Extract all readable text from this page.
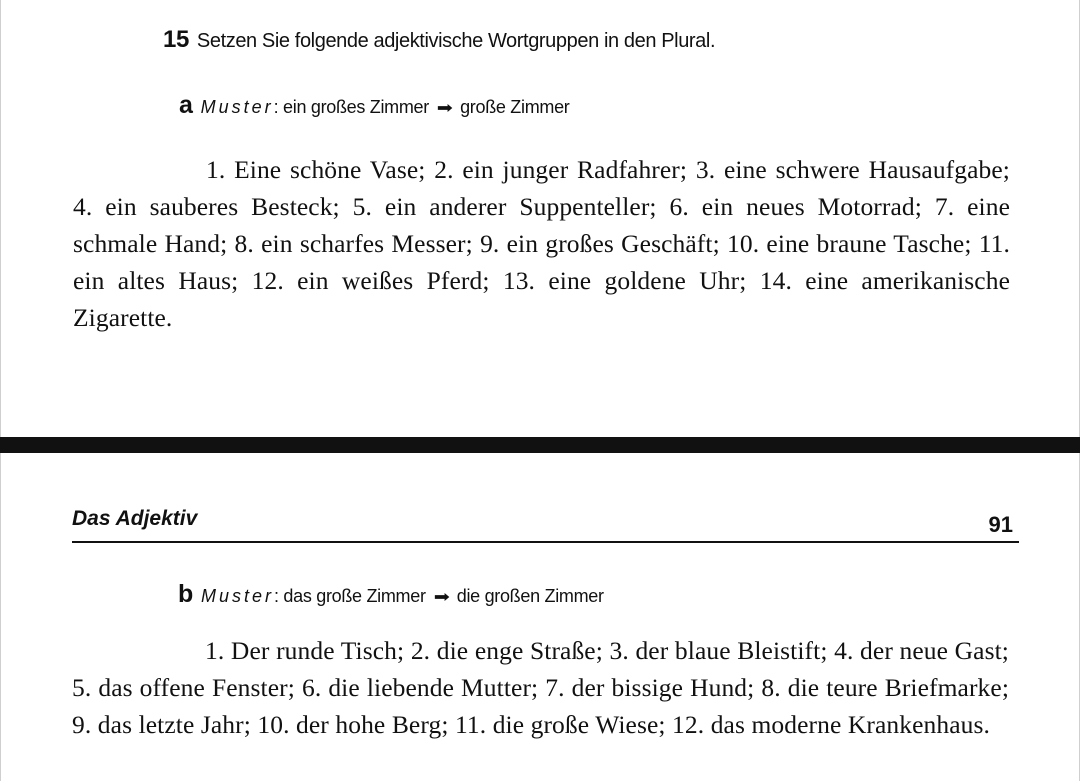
15 Setzen Sie folgende adjektivische Wortgruppen in den Plural.
a Muster: ein großes Zimmer ➡ große Zimmer

1. Eine schöne Vase; 2. ein junger Radfahrer; 3. eine schwere Hausaufgabe; 4. ein sauberes Besteck; 5. ein anderer Suppenteller; 6. ein neues Motorrad; 7. eine schmale Hand; 8. ein scharfes Messer; 9. ein großes Geschäft; 10. eine braune Tasche; 11. ein altes Haus; 12. ein weißes Pferd; 13. eine goldene Uhr; 14. eine amerikanische Zigarette.

Das Adjektiv	91
b Muster: das große Zimmer ➡ die großen Zimmer

1. Der runde Tisch; 2. die enge Straße; 3. der blaue Bleistift; 4. der neue Gast; 5. das offene Fenster; 6. die liebende Mutter; 7. der bissige Hund; 8. die teure Briefmarke; 9. das letzte Jahr; 10. der hohe Berg; 11. die große Wiese; 12. das moderne Krankenhaus.
